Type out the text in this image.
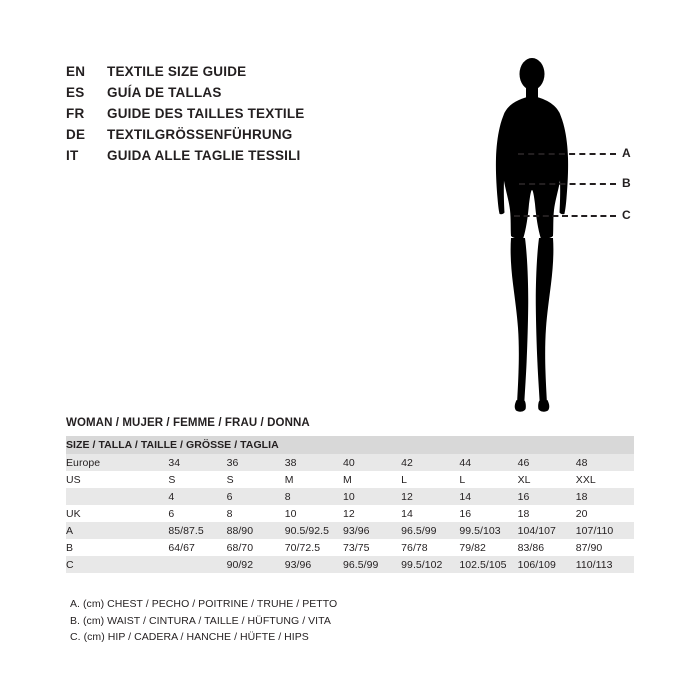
EN	TEXTILE SIZE GUIDE
ES	GUÍA DE TALLAS
FR	GUIDE DES TAILLES TEXTILE
DE	TEXTILGRÖSSENFÜHRUNG
IT	GUIDA ALLE TAGLIE TESSILI	A
B
C
WOMAN / MUJER / FEMME / FRAU / DONNA
SIZE / TALLA / TAILLE / GRÖSSE / TAGLIA								
Europe	34	36	38	40	42	44	46	48
US	S	S	M	M	L	L	XL	XXL
	4	6	8	10	12	14	16	18
UK	6	8	10	12	14	16	18	20
A	85/87.5	88/90	90.5/92.5	93/96	96.5/99	99.5/103	104/107	107/110
B	64/67	68/70	70/72.5	73/75	76/78	79/82	83/86	87/90
C		90/92	93/96	96.5/99	99.5/102	102.5/105	106/109	110/113
A. (cm) CHEST / PECHO / POITRINE / TRUHE / PETTO
B. (cm) WAIST / CINTURA / TAILLE / HÜFTUNG / VITA
C. (cm) HIP / CADERA / HANCHE / HÜFTE / HIPS
